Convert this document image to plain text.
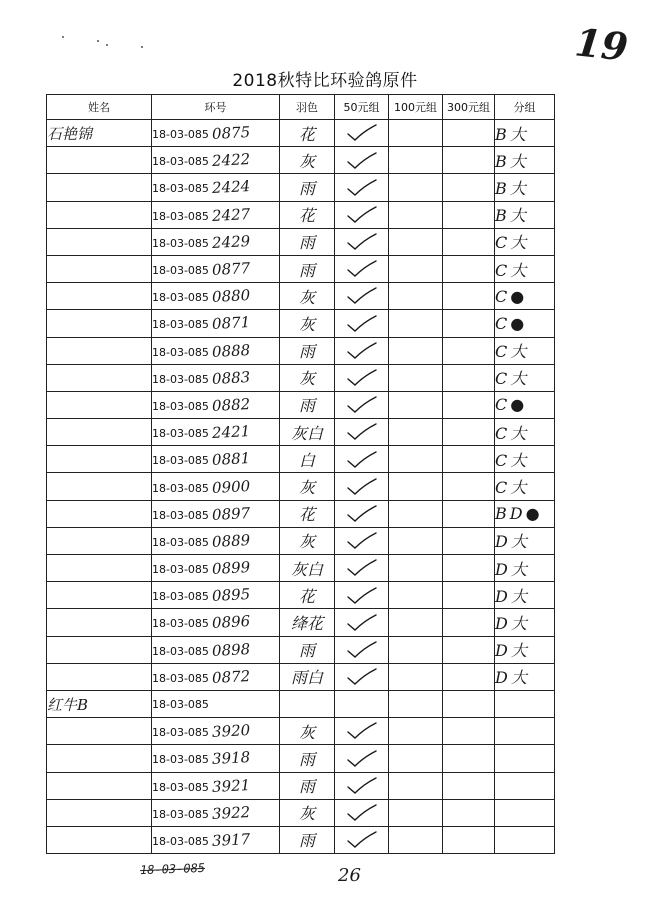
19
2018秋特比环验鸽原件
姓名	环号	羽色	50元组	100元组	300元组	分组
石艳锦	18-03-085 0875	花				B大
	18-03-085 2422	灰				B大
	18-03-085 2424	雨				B大
	18-03-085 2427	花				B大
	18-03-085 2429	雨				C大
	18-03-085 0877	雨				C大
	18-03-085 0880	灰				C●
	18-03-085 0871	灰				C●
	18-03-085 0888	雨				C大
	18-03-085 0883	灰				C大
	18-03-085 0882	雨				C●
	18-03-085 2421	灰白				C大
	18-03-085 0881	白				C大
	18-03-085 0900	灰				C大
	18-03-085 0897	花				BD●
	18-03-085 0889	灰				D大
	18-03-085 0899	灰白				D大
	18-03-085 0895	花				D大
	18-03-085 0896	绛花				D大
	18-03-085 0898	雨				D大
	18-03-085 0872	雨白				D大
红牛B	18-03-085					
	18-03-085 3920	灰				
	18-03-085 3918	雨				
	18-03-085 3921	雨				
	18-03-085 3922	灰				
	18-03-085 3917	雨				
18-03-085	26
